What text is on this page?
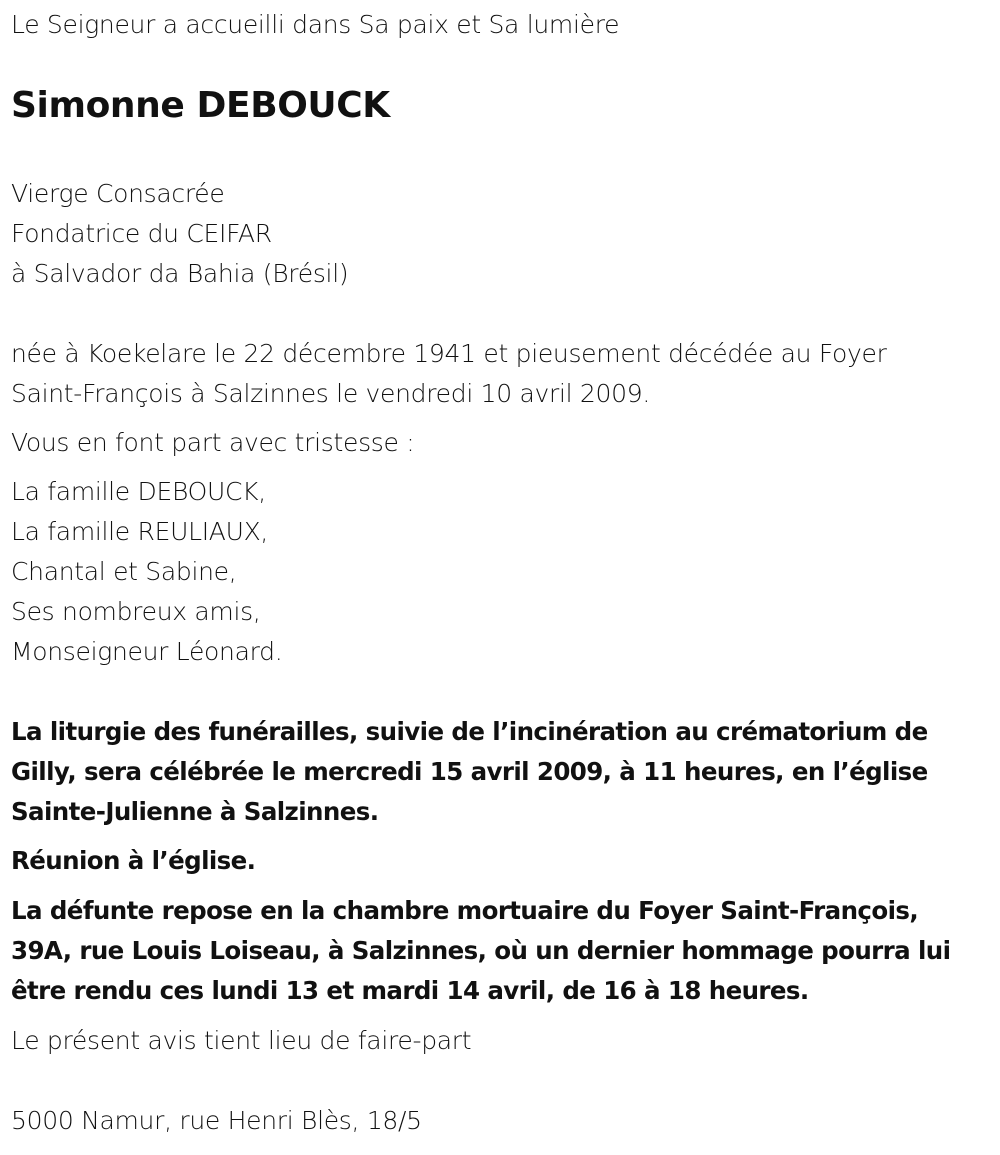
Le Seigneur a accueilli dans Sa paix et Sa lumière
Simonne DEBOUCK
Vierge Consacrée
Fondatrice du CEIFAR
à Salvador da Bahia (Brésil)
née à Koekelare le 22 décembre 1941 et pieusement décédée au Foyer
Saint-François à Salzinnes le vendredi 10 avril 2009.
Vous en font part avec tristesse :
La famille DEBOUCK,
La famille REULIAUX,
Chantal et Sabine,
Ses nombreux amis,
Monseigneur Léonard.
La liturgie des funérailles, suivie de l’incinération au crématorium de
Gilly, sera célébrée le mercredi 15 avril 2009, à 11 heures, en l’église
Sainte-Julienne à Salzinnes.
Réunion à l’église.
La défunte repose en la chambre mortuaire du Foyer Saint-François,
39A, rue Louis Loiseau, à Salzinnes, où un dernier hommage pourra lui
être rendu ces lundi 13 et mardi 14 avril, de 16 à 18 heures.
Le présent avis tient lieu de faire-part
5000 Namur, rue Henri Blès, 18/5
